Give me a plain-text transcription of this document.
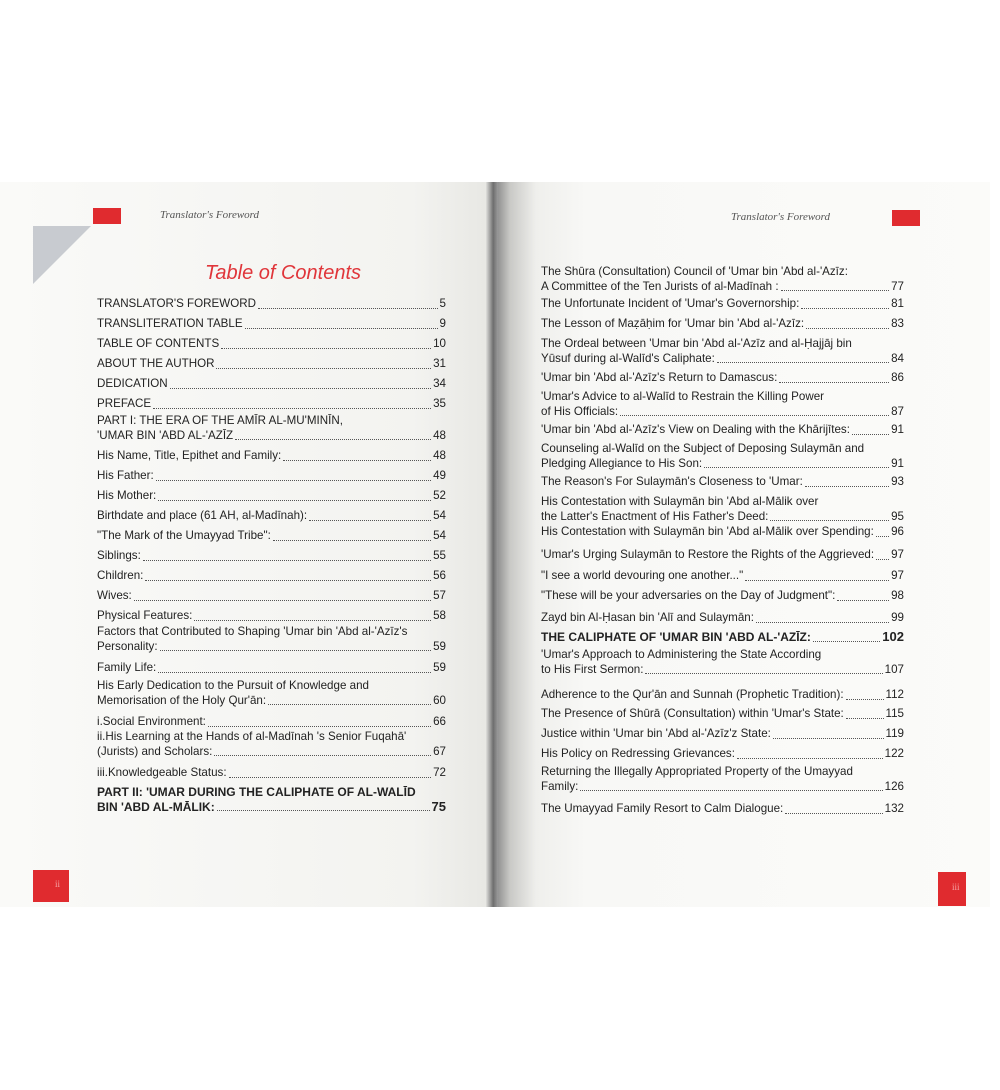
Translator's Foreword
Table of Contents
ii
Translator's Foreword
iii
TRANSLATOR'S FOREWORD	5
TRANSLITERATION TABLE	9
TABLE OF CONTENTS	10
ABOUT THE AUTHOR	31
DEDICATION	34
PREFACE	35
PART I: THE ERA OF THE AMĪR AL-MU'MINĪN,
'UMAR BIN 'ABD AL-'AZĪZ	48
His Name, Title, Epithet and Family:	48
His Father:	49
His Mother:	52
Birthdate and place (61 AH, al-Madīnah):	54
"The Mark of the Umayyad Tribe":	54
Siblings:	55
Children:	56
Wives:	57
Physical Features:	58
Factors that Contributed to Shaping 'Umar bin 'Abd al-'Azīz's
Personality:	59
Family Life:	59
His Early Dedication to the Pursuit of Knowledge and
Memorisation of the Holy Qur'ān:	60
i.Social Environment:	66
ii.His Learning at the Hands of al-Madīnah 's Senior Fuqahā'
(Jurists) and Scholars:	67
iii.Knowledgeable Status:	72
PART II: 'UMAR DURING THE CALIPHATE OF AL-WALĪD
BIN 'ABD AL-MĀLIK:	75
The Shūra (Consultation) Council of 'Umar bin 'Abd al-'Azīz:
A Committee of the Ten Jurists of al-Madīnah :	77
The Unfortunate Incident of 'Umar's Governorship:	81
The Lesson of Maẓāḥim for 'Umar bin 'Abd al-'Azīz:	83
The Ordeal between 'Umar bin 'Abd al-'Azīz and al-Ḥajjāj bin
Yūsuf during al-Walīd's Caliphate:	84
'Umar bin 'Abd al-'Azīz's Return to Damascus:	86
'Umar's Advice to al-Walīd to Restrain the Killing Power
of His Officials:	87
'Umar bin 'Abd al-'Azīz's View on Dealing with the Khārijītes:	91
Counseling al-Walīd on the Subject of Deposing Sulaymān and
Pledging Allegiance to His Son:	91
The Reason's For Sulaymān's Closeness to 'Umar:	93
His Contestation with Sulaymān bin 'Abd al-Mālik over
the Latter's Enactment of His Father's Deed:	95
His Contestation with Sulaymān bin 'Abd al-Mālik over Spending: 96
'Umar's Urging Sulaymān to Restore the Rights of the Aggrieved: 97
"I see a world devouring one another..."	97
"These will be your adversaries on the Day of Judgment":	98
Zayd bin Al-Ḥasan bin 'Alī and Sulaymān:	99
THE CALIPHATE OF 'UMAR BIN 'ABD AL-'AZĪZ:	102
'Umar's Approach to Administering the State According
to His First Sermon:	107
Adherence to the Qur'ān and Sunnah (Prophetic Tradition):	112
The Presence of Shūrā (Consultation) within 'Umar's State:	115
Justice within 'Umar bin 'Abd al-'Azīz'z State:	119
His Policy on Redressing Grievances:	122
Returning the Illegally Appropriated Property of the Umayyad
Family:	126
The Umayyad Family Resort to Calm Dialogue:	132
